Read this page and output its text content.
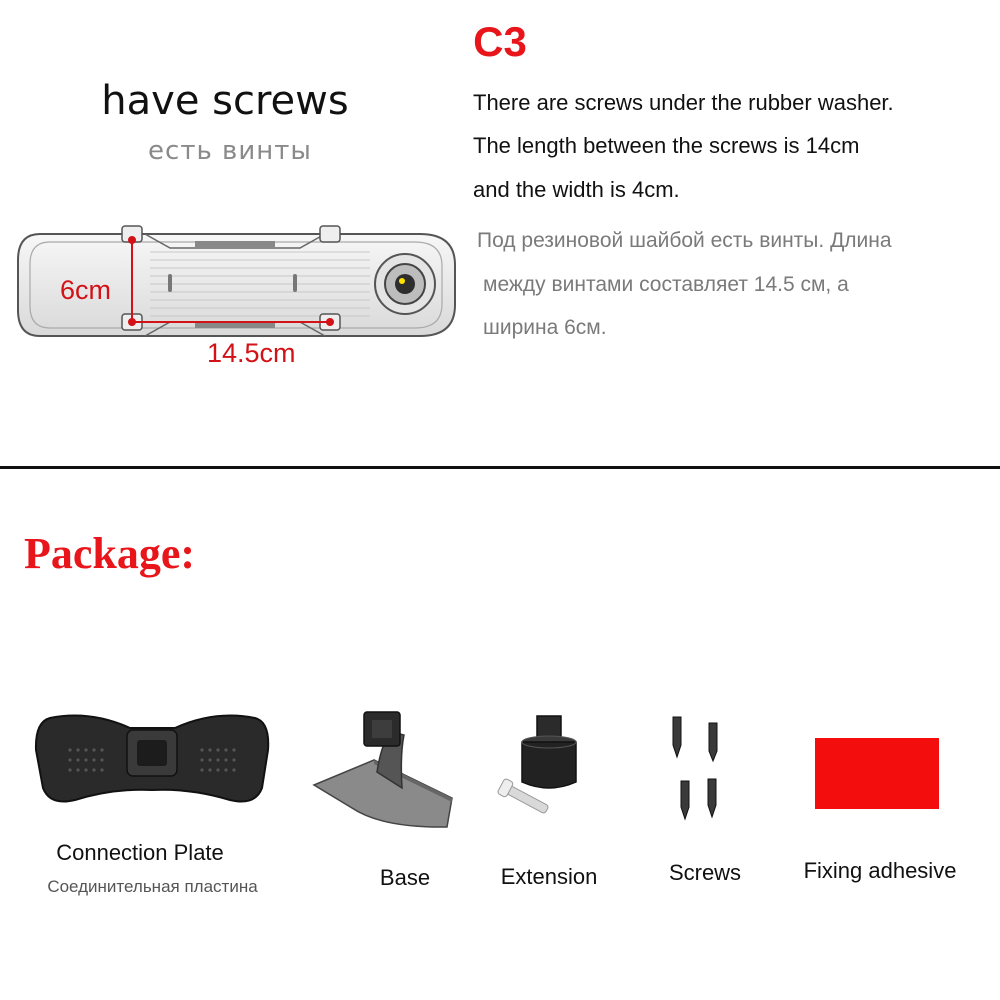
C3
have screws
есть винты
There are screws under the rubber washer.
The length between the screws is 14cm
and the width is 4cm.
Под резиновой шайбой есть винты. Длина
между винтами составляет 14.5 см, а
ширина 6см.
6cm
14.5cm
Package:
Connection Plate
Соединительная пластина	Base	Extension	Screws	Fixing adhesive
